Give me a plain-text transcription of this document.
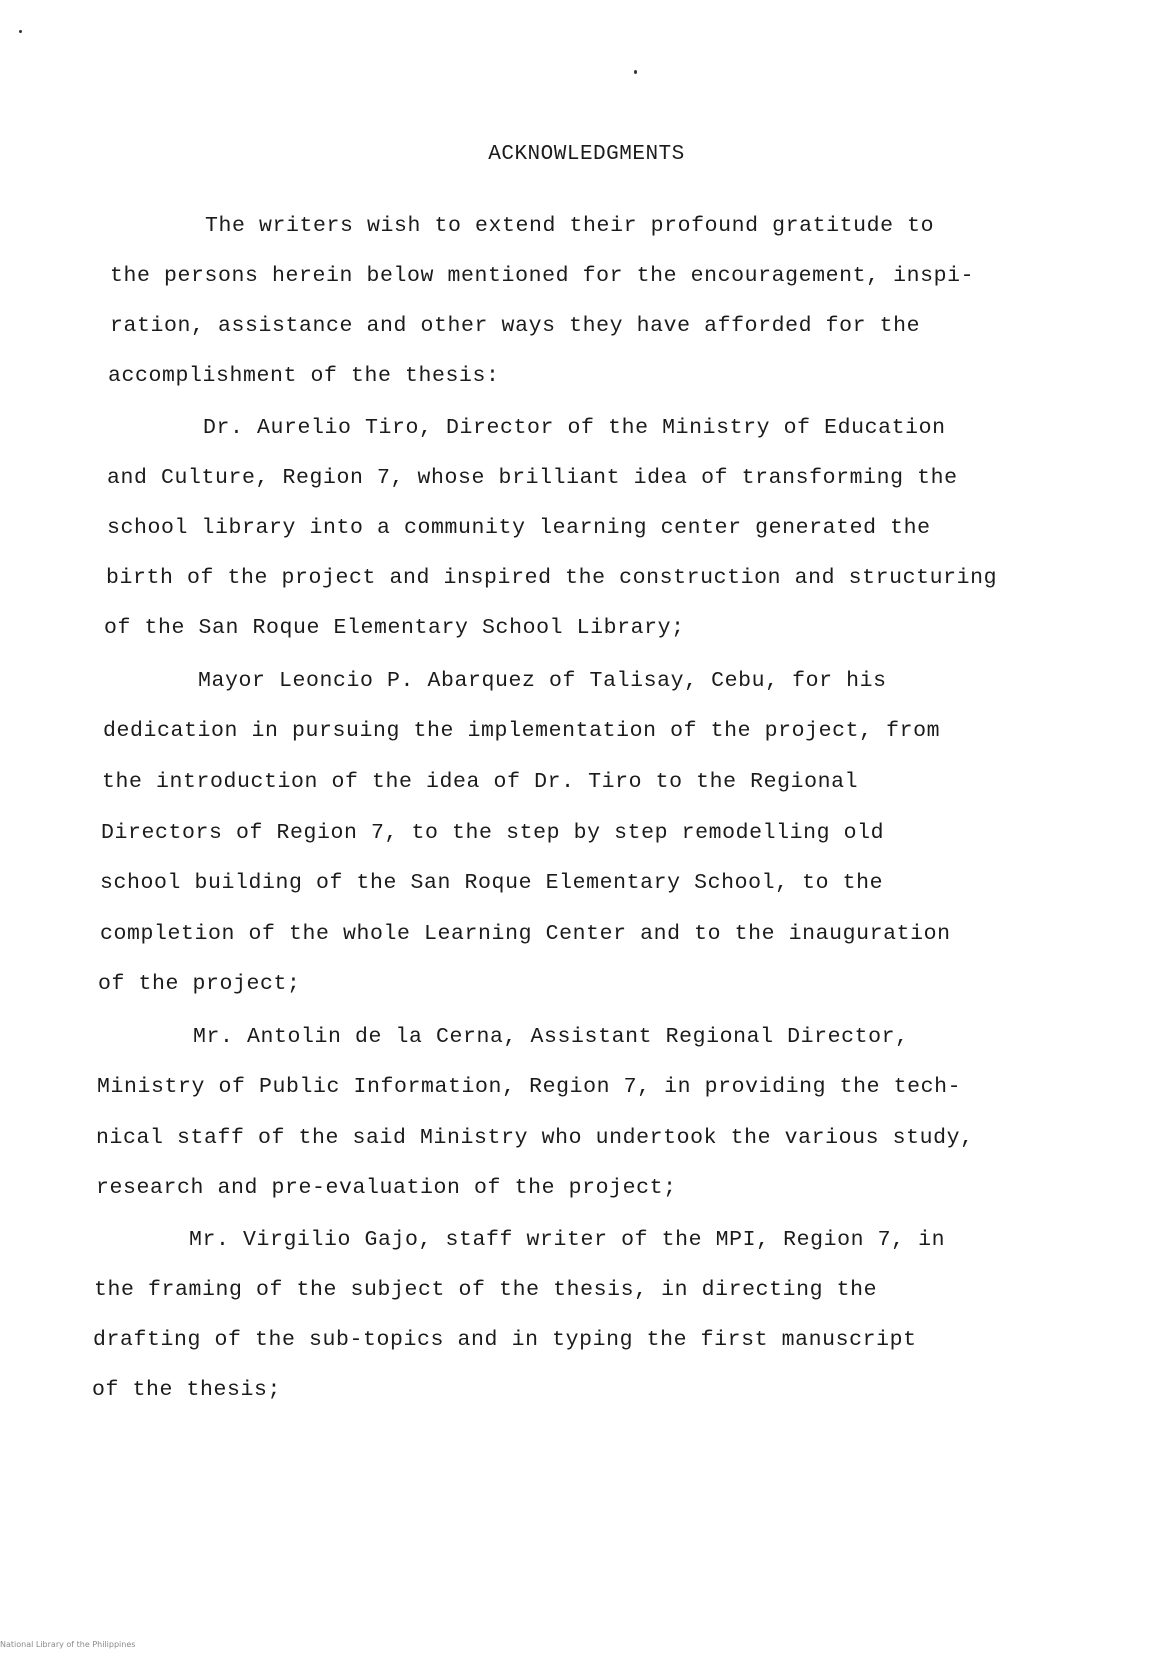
ACKNOWLEDGMENTS
The writers wish to extend their profound gratitude to
the persons herein below mentioned for the encouragement, inspi-
ration, assistance and other ways they have afforded for the
accomplishment of the thesis:
Dr. Aurelio Tiro, Director of the Ministry of Education
and Culture, Region 7, whose brilliant idea of transforming the
school library into a community learning center generated the
birth of the project and inspired the construction and structuring
of the San Roque Elementary School Library;
Mayor Leoncio P. Abarquez of Talisay, Cebu, for his
dedication in pursuing the implementation of the project, from
the introduction of the idea of Dr. Tiro to the Regional
Directors of Region 7, to the step by step remodelling old
school building of the San Roque Elementary School, to the
completion of the whole Learning Center and to the inauguration
of the project;
Mr. Antolin de la Cerna, Assistant Regional Director,
Ministry of Public Information, Region 7, in providing the tech-
nical staff of the said Ministry who undertook the various study,
research and pre-evaluation of the project;
Mr. Virgilio Gajo, staff writer of the MPI, Region 7, in
the framing of the subject of the thesis, in directing the
drafting of the sub-topics and in typing the first manuscript
of the thesis;
National Library of the Philippines
